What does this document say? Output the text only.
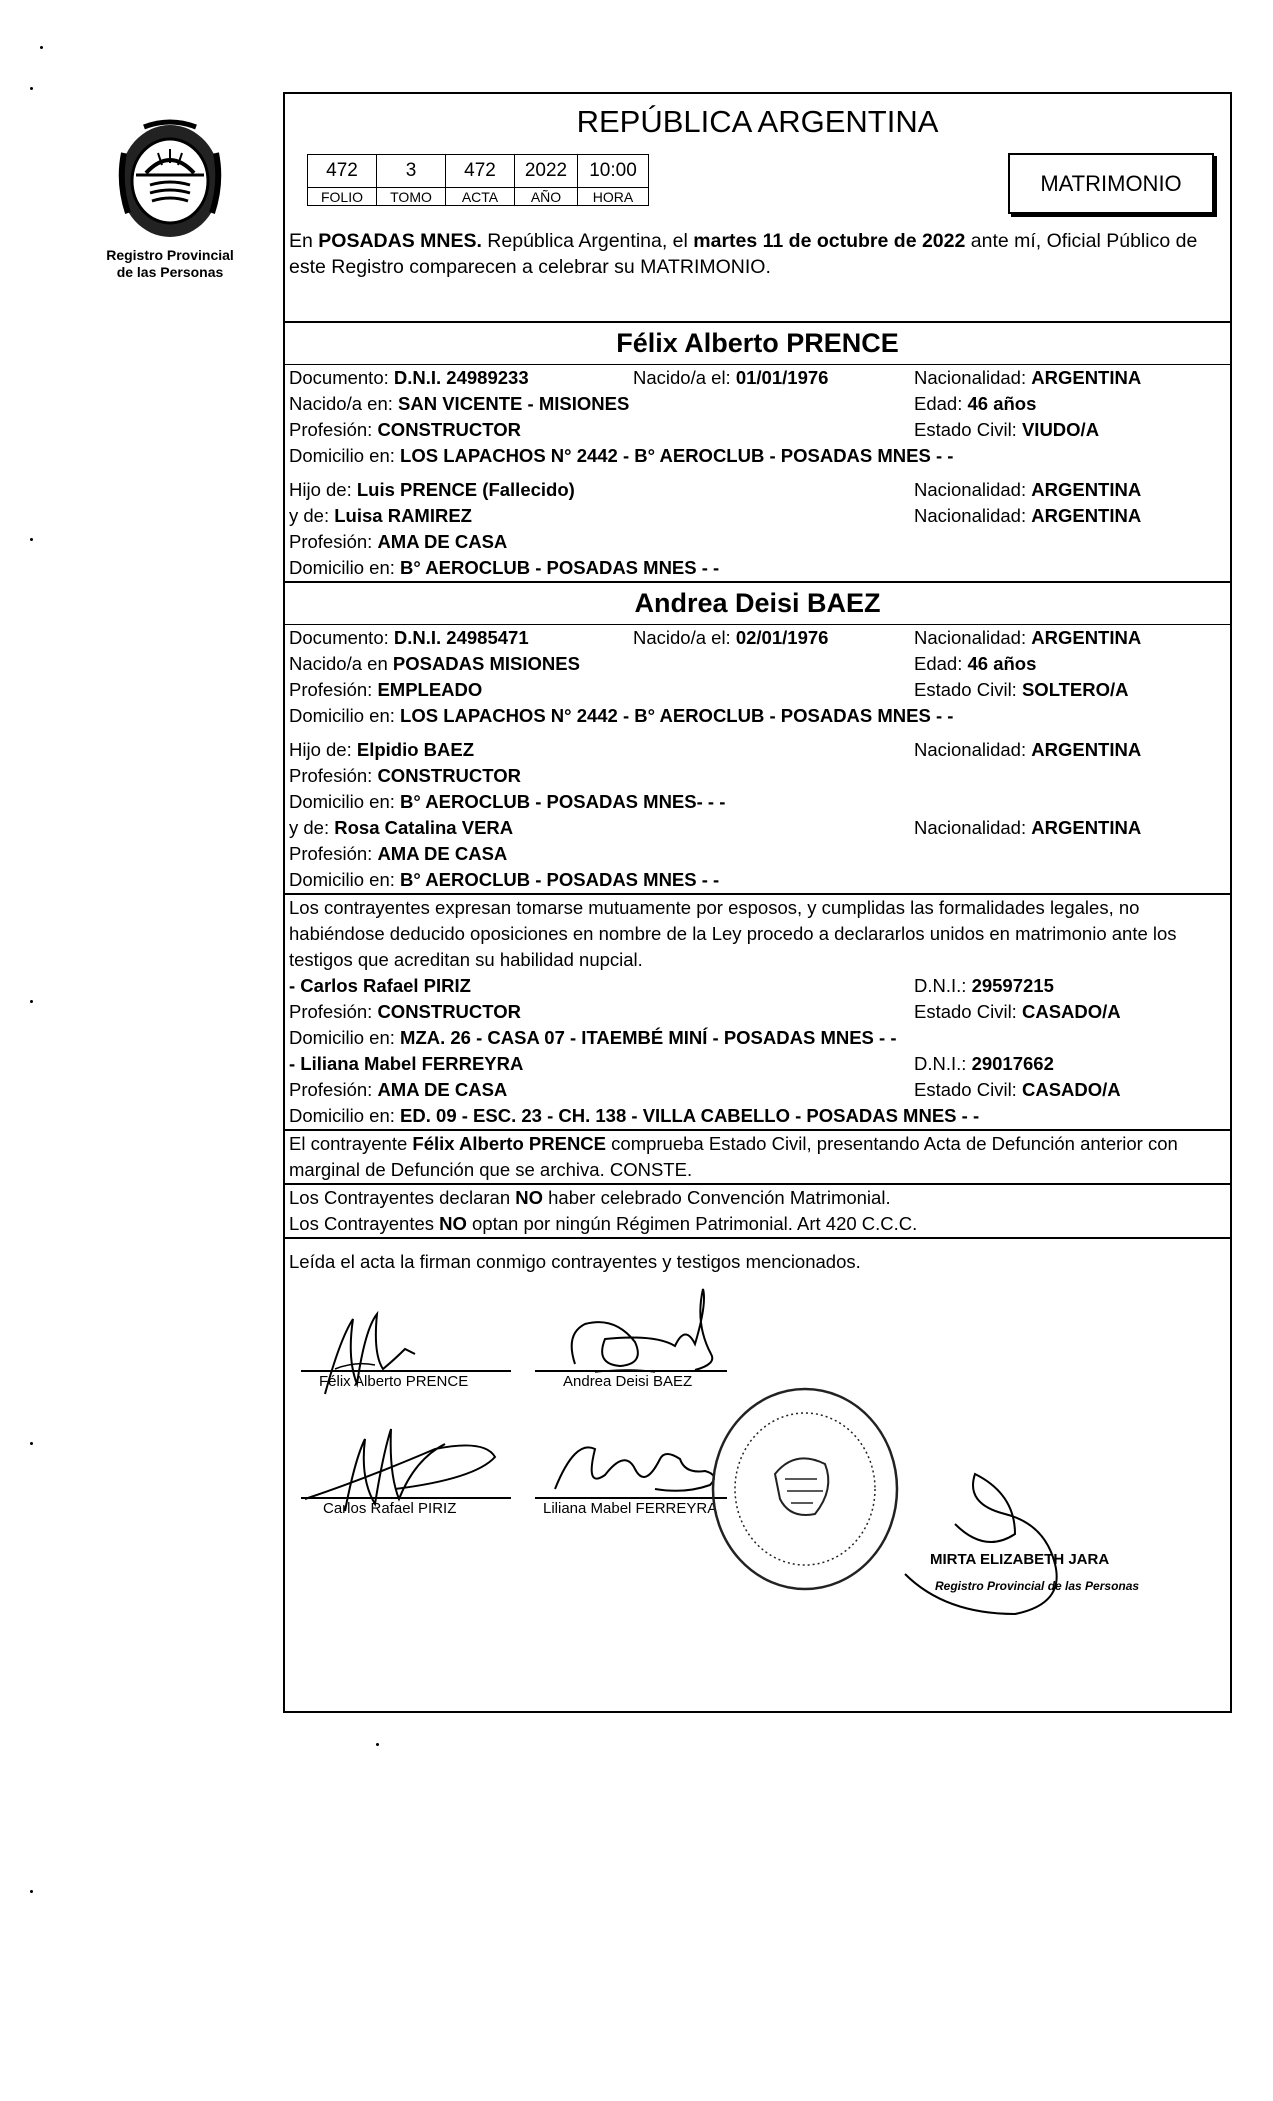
Registro Provincial
de las Personas
REPÚBLICA ARGENTINA
472	3	472	2022	10:00
FOLIO	TOMO	ACTA	AÑO	HORA
MATRIMONIO
En POSADAS MNES. República Argentina, el martes 11 de octubre de 2022 ante mí, Oficial Público de este Registro comparecen a celebrar su MATRIMONIO.
Félix Alberto PRENCE
Documento: D.N.I. 24989233	Nacido/a el: 01/01/1976	Nacionalidad: ARGENTINA
Nacido/a en: SAN VICENTE - MISIONES	Edad: 46 años
Profesión: CONSTRUCTOR	Estado Civil: VIUDO/A
Domicilio en: LOS LAPACHOS N° 2442 - B° AEROCLUB - POSADAS MNES - -
Hijo de: Luis PRENCE (Fallecido)	Nacionalidad: ARGENTINA
y de: Luisa RAMIREZ	Nacionalidad: ARGENTINA
Profesión: AMA DE CASA
Domicilio en: B° AEROCLUB - POSADAS MNES - -
Andrea Deisi BAEZ
Documento: D.N.I. 24985471	Nacido/a el: 02/01/1976	Nacionalidad: ARGENTINA
Nacido/a en POSADAS MISIONES	Edad: 46 años
Profesión: EMPLEADO	Estado Civil: SOLTERO/A
Domicilio en: LOS LAPACHOS N° 2442 - B° AEROCLUB - POSADAS MNES - -
Hijo de: Elpidio BAEZ	Nacionalidad: ARGENTINA
Profesión: CONSTRUCTOR
Domicilio en: B° AEROCLUB - POSADAS MNES- - -
y de: Rosa Catalina VERA	Nacionalidad: ARGENTINA
Profesión: AMA DE CASA
Domicilio en: B° AEROCLUB - POSADAS MNES - -
Los contrayentes expresan tomarse mutuamente por esposos, y cumplidas las formalidades legales, no habiéndose deducido oposiciones en nombre de la Ley procedo a declararlos unidos en matrimonio ante los testigos que acreditan su habilidad nupcial.
- Carlos Rafael PIRIZ	D.N.I.: 29597215
Profesión: CONSTRUCTOR	Estado Civil: CASADO/A
Domicilio en: MZA. 26 - CASA 07 - ITAEMBÉ MINÍ - POSADAS MNES - -
- Liliana Mabel FERREYRA	D.N.I.: 29017662
Profesión: AMA DE CASA	Estado Civil: CASADO/A
Domicilio en: ED. 09 - ESC. 23 - CH. 138 - VILLA CABELLO - POSADAS MNES - -
El contrayente Félix Alberto PRENCE comprueba Estado Civil, presentando Acta de Defunción anterior con marginal de Defunción que se archiva. CONSTE.
Los Contrayentes declaran NO haber celebrado Convención Matrimonial.
Los Contrayentes NO optan por ningún Régimen Patrimonial. Art 420 C.C.C.
Leída el acta la firman conmigo contrayentes y testigos mencionados.
Félix Alberto PRENCE	Andrea Deisi BAEZ
Carlos Rafael PIRIZ	Liliana Mabel FERREYRA
MIRTA ELIZABETH JARA
Registro Provincial de las Personas
